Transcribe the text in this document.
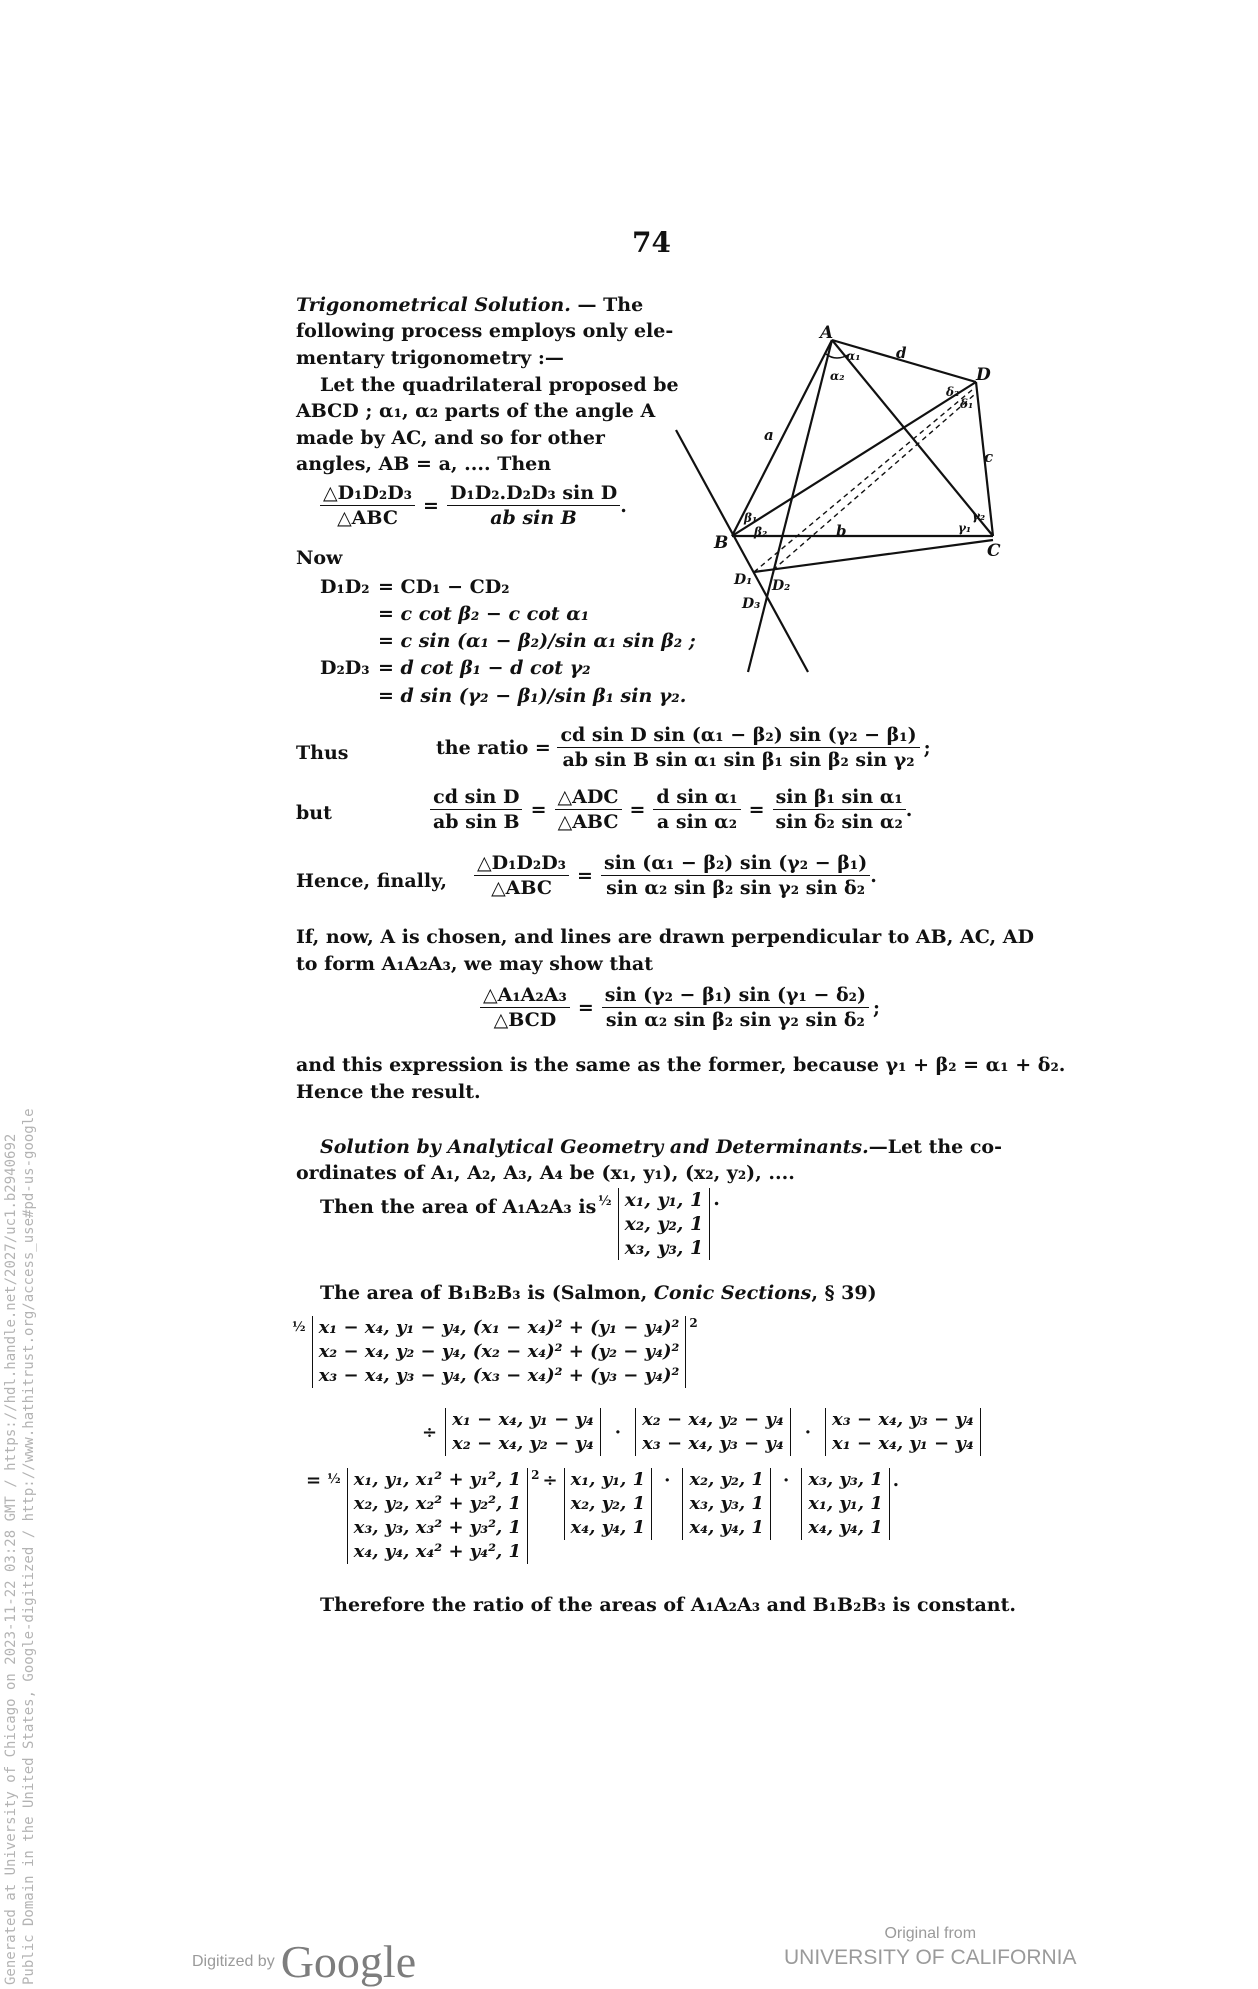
74
Trigonometrical Solution. — The
following process employs only ele-
mentary trigonometry :—
Let the quadrilateral proposed be
ABCD ; α₁, α₂ parts of the angle A
made by AC, and so for other
angles, AB = a, .... Then
$\frac{\text{△D₁D₂D₃}}{\text{△ABC}} = \frac{\text{D₁D₂.D₂D₃ sin D}}{\text{ab sin B}}$ .
Now
D₁D₂ = CD₁ − CD₂
= c cot β₂ − c cot α₁
= c sin (α₁ − β₂)/sin α₁ sin β₂ ;
D₂D₃ = d cot β₁ − d cot γ₂
= d sin (γ₂ − β₁)/sin β₁ sin γ₂.
A
D
B	C
a
b
c
d
α₁
α₂
β₁
β₂	γ₁
γ₂
δ₁
δ₂
D₁ D₂
D₃
Thus	the ratio =
$\frac{\text{cd sin D sin (α₁ − β₂) sin (γ₂ − β₁)}}{\text{ab sin B sin α₁ sin β₁ sin β₂ sin γ₂}}$ ;
but	$\frac{\text{cd sin D}}{\text{ab sin B}} = \frac{\text{△ADC}}{\text{△ABC}} = \frac{\text{d sin α₁}}{\text{a sin α₂}} = \frac{\text{sin β₁ sin α₁}}{\text{sin δ₂ sin α₂}}$ .
Hence, finally, $\frac{\text{△D₁D₂D₃}}{\text{△ABC}} = \frac{\text{sin (α₁ − β₂) sin (γ₂ − β₁)}}{\text{sin α₂ sin β₂ sin γ₂ sin δ₂}}$ .
If, now, A is chosen, and lines are drawn perpendicular to AB, AC, AD
to form A₁A₂A₃, we may show that
$\frac{\text{△A₁A₂A₃}}{\text{△BCD}} = \frac{\text{sin (γ₂ − β₁) sin (γ₁ − δ₂)}}{\text{sin α₂ sin β₂ sin γ₂ sin δ₂}}$ ;
and this expression is the same as the former, because γ₁ + β₂ = α₁ + δ₂.
Hence the result.
Solution by Analytical Geometry and Determinants.—Let the co-
ordinates of A₁, A₂, A₃, A₄ be (x₁, y₁), (x₂, y₂), ....
Then the area of A₁A₂A₃ is ½ x₁, y₁, 1
x₂, y₂, 1
x₃, y₃, 1
.
The area of B₁B₂B₃ is (Salmon, Conic Sections, § 39)
½ x₁ − x₄, y₁ − y₄, (x₁ − x₄)² + (y₁ − y₄)²
x₂ − x₄, y₂ − y₄, (x₂ − x₄)² + (y₂ − y₄)²
x₃ − x₄, y₃ − y₄, (x₃ − x₄)² + (y₃ − y₄)²
$^2$
÷
x₁ − x₄, y₁ − y₄
x₂ − x₄, y₂ − y₄
·
x₂ − x₄, y₂ − y₄
x₃ − x₄, y₃ − y₄
·
x₃ − x₄, y₃ − y₄
x₁ − x₄, y₁ − y₄
= ½ x₁, y₁, x₁² + y₁², 1
x₂, y₂, x₂² + y₂², 1
x₃, y₃, x₃² + y₃², 1
x₄, y₄, x₄² + y₄², 1
$^2$ ÷ x₁, y₁, 1
x₂, y₂, 1
x₄, y₄, 1
· x₂, y₂, 1
x₃, y₃, 1
x₄, y₄, 1
· x₃, y₃, 1
x₁, y₁, 1
x₄, y₄, 1
.
Therefore the ratio of the areas of A₁A₂A₃ and B₁B₂B₃ is constant.
Generated at University of Chicago on 2023-11-22 03:28 GMT / https://hdl.handle.net/2027/uc1.b2940692 Public Domain in the United States, Google-digitized / http://www.hathitrust.org/access_use#pd-us-google	Digitized by Google
Original from
UNIVERSITY OF CALIFORNIA
